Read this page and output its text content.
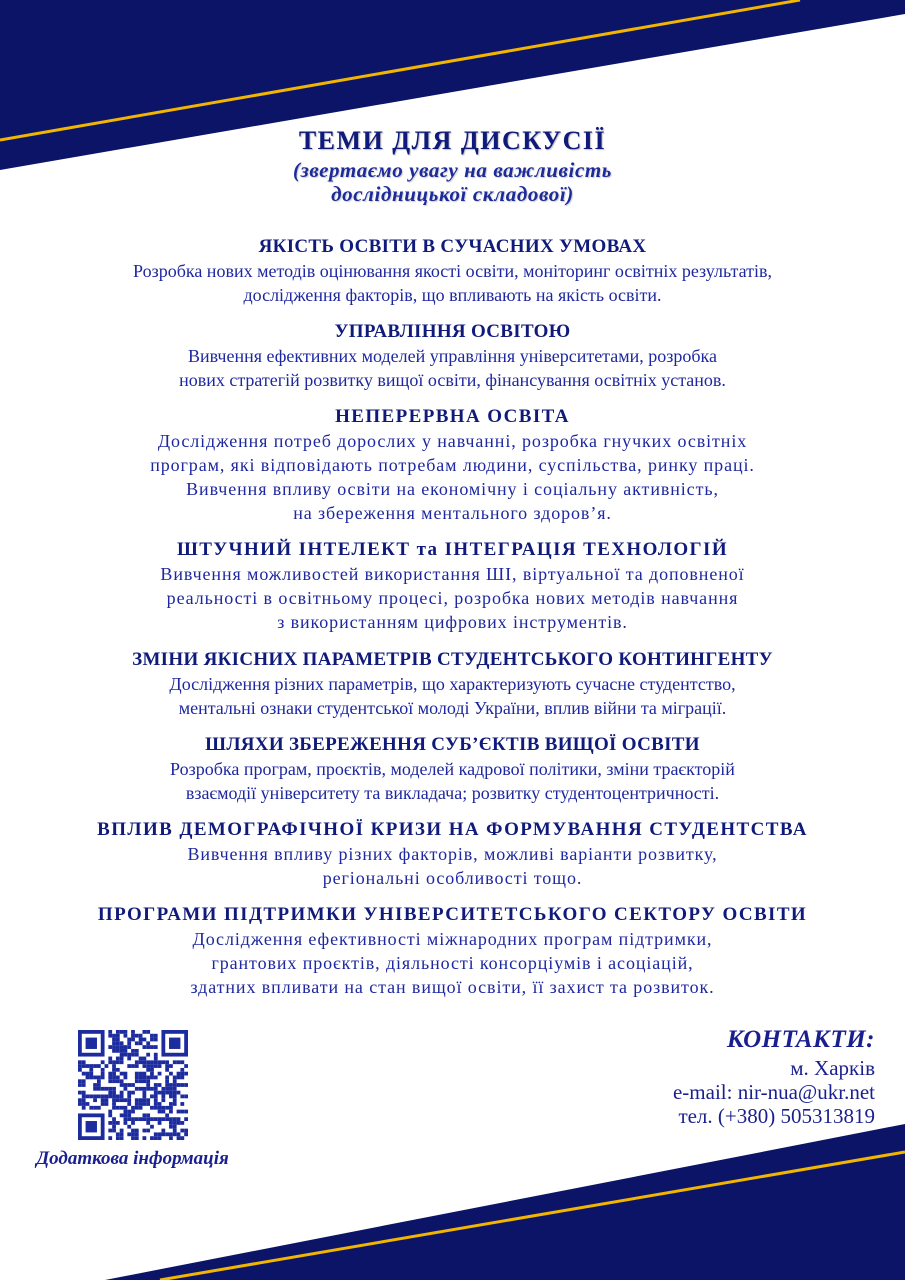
ТЕМИ ДЛЯ ДИСКУСІЇ
(звертаємо увагу на важливість
дослідницької складової)
ЯКІСТЬ ОСВІТИ В СУЧАСНИХ УМОВАХ
Розробка нових методів оцінювання якості освіти, моніторинг освітніх результатів,
дослідження факторів, що впливають на якість освіти.
УПРАВЛІННЯ ОСВІТОЮ
Вивчення ефективних моделей управління університетами, розробка
нових стратегій розвитку вищої освіти, фінансування освітніх установ.
НЕПЕРЕРВНА ОСВІТА
Дослідження потреб дорослих у навчанні, розробка гнучких освітніх
програм, які відповідають потребам людини, суспільства, ринку праці.
Вивчення впливу освіти на економічну і соціальну активність,
на збереження ментального здоров’я.
ШТУЧНИЙ ІНТЕЛЕКТ та ІНТЕГРАЦІЯ ТЕХНОЛОГІЙ
Вивчення можливостей використання ШІ, віртуальної та доповненої
реальності в освітньому процесі, розробка нових методів навчання
з використанням цифрових інструментів.
ЗМІНИ ЯКІСНИХ ПАРАМЕТРІВ СТУДЕНТСЬКОГО КОНТИНГЕНТУ
Дослідження різних параметрів, що характеризують сучасне студентство,
ментальні ознаки студентської молоді України, вплив війни та міграції.
ШЛЯХИ ЗБЕРЕЖЕННЯ СУБ’ЄКТІВ ВИЩОЇ ОСВІТИ
Розробка програм, проєктів, моделей кадрової політики, зміни траєкторій
взаємодії університету та викладача; розвитку студентоцентричності.
ВПЛИВ ДЕМОГРАФІЧНОЇ КРИЗИ НА ФОРМУВАННЯ СТУДЕНТСТВА
Вивчення впливу різних факторів, можливі варіанти розвитку,
регіональні особливості тощо.
ПРОГРАМИ ПІДТРИМКИ УНІВЕРСИТЕТСЬКОГО СЕКТОРУ ОСВІТИ
Дослідження ефективності міжнародних програм підтримки,
грантових проєктів, діяльності консорціумів і асоціацій,
здатних впливати на стан вищої освіти, її захист та розвиток.
Додаткова інформація
КОНТАКТИ:
м. Харків
e-mail: nir-nua@ukr.net
тел. (+380) 505313819
